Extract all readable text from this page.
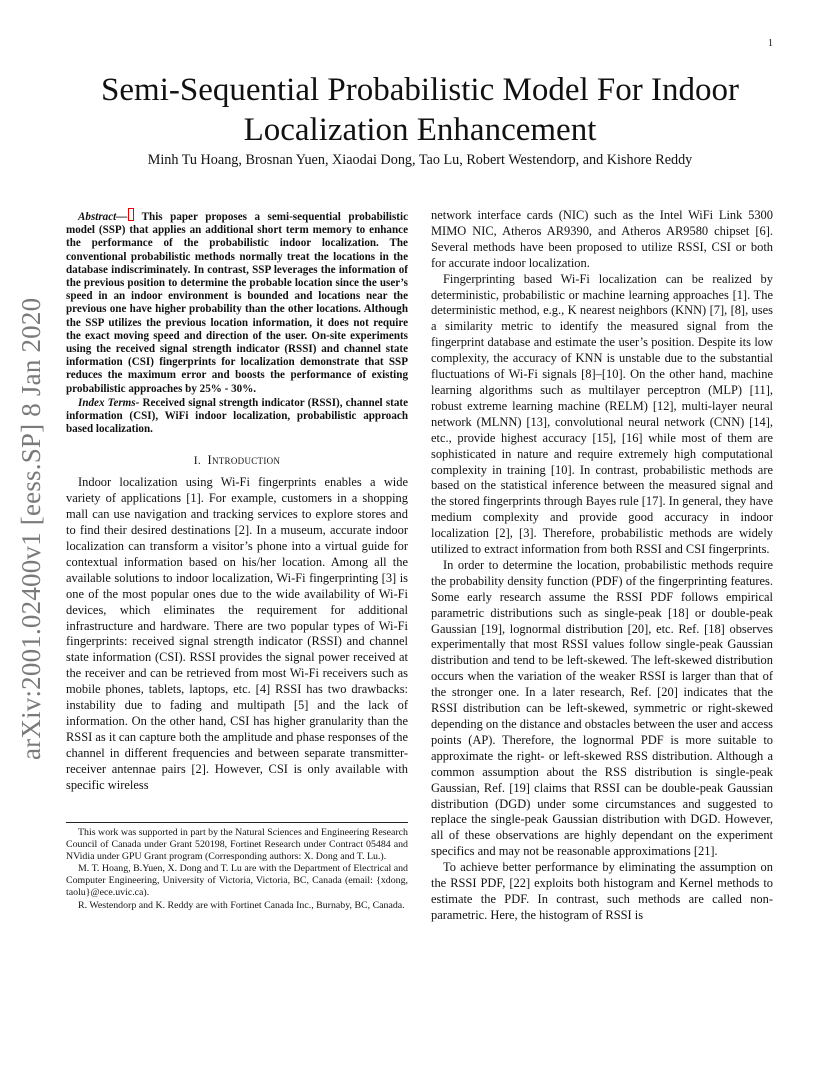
1
arXiv:2001.02400v1 [eess.SP] 8 Jan 2020
Semi-Sequential Probabilistic Model For Indoor Localization Enhancement
Minh Tu Hoang, Brosnan Yuen, Xiaodai Dong, Tao Lu, Robert Westendorp, and Kishore Reddy
Abstract— This paper proposes a semi-sequential probabilistic model (SSP) that applies an additional short term memory to enhance the performance of the probabilistic indoor localization. The conventional probabilistic methods normally treat the locations in the database indiscriminately. In contrast, SSP leverages the information of the previous position to determine the probable location since the user’s speed in an indoor environment is bounded and locations near the previous one have higher probability than the other locations. Although the SSP utilizes the previous location information, it does not require the exact moving speed and direction of the user. On-site experiments using the received signal strength indicator (RSSI) and channel state information (CSI) fingerprints for localization demonstrate that SSP reduces the maximum error and boosts the performance of existing probabilistic approaches by 25% - 30%.
Index Terms- Received signal strength indicator (RSSI), channel state information (CSI), WiFi indoor localization, probabilistic approach based localization.
I. Introduction

Indoor localization using Wi-Fi fingerprints enables a wide variety of applications [1]. For example, customers in a shopping mall can use navigation and tracking services to explore stores and to find their desired destinations [2]. In a museum, accurate indoor localization can transform a visitor’s phone into a virtual guide for contextual information based on his/her location. Among all the available solutions to indoor localization, Wi-Fi fingerprinting [3] is one of the most popular ones due to the wide availability of Wi-Fi devices, which eliminates the requirement for additional infrastructure and hardware. There are two popular types of Wi-Fi fingerprints: received signal strength indicator (RSSI) and channel state information (CSI). RSSI provides the signal power received at the receiver and can be retrieved from most Wi-Fi receivers such as mobile phones, tablets, laptops, etc. [4] RSSI has two drawbacks: instability due to fading and multipath [5] and the lack of information. On the other hand, CSI has higher granularity than the RSSI as it can capture both the amplitude and phase responses of the channel in different frequencies and between separate transmitter-receiver antennae pairs [2]. However, CSI is only available with specific wireless

This work was supported in part by the Natural Sciences and Engineering Research Council of Canada under Grant 520198, Fortinet Research under Contract 05484 and NVidia under GPU Grant program (Corresponding authors: X. Dong and T. Lu.).

M. T. Hoang, B.Yuen, X. Dong and T. Lu are with the Department of Electrical and Computer Engineering, University of Victoria, Victoria, BC, Canada (email: {xdong, taolu}@ece.uvic.ca).

R. Westendorp and K. Reddy are with Fortinet Canada Inc., Burnaby, BC, Canada.

network interface cards (NIC) such as the Intel WiFi Link 5300 MIMO NIC, Atheros AR9390, and Atheros AR9580 chipset [6]. Several methods have been proposed to utilize RSSI, CSI or both for accurate indoor localization.

Fingerprinting based Wi-Fi localization can be realized by deterministic, probabilistic or machine learning approaches [1]. The deterministic method, e.g., K nearest neighbors (KNN) [7], [8], uses a similarity metric to identify the measured signal from the fingerprint database and estimate the user’s position. Despite its low complexity, the accuracy of KNN is unstable due to the substantial fluctuations of Wi-Fi signals [8]–[10]. On the other hand, machine learning algorithms such as multilayer perceptron (MLP) [11], robust extreme learning machine (RELM) [12], multi-layer neural network (MLNN) [13], convolutional neural network (CNN) [14], etc., provide highest accuracy [15], [16] while most of them are sophisticated in nature and require extremely high computational complexity in training [10]. In contrast, probabilistic methods are based on the statistical inference between the measured signal and the stored fingerprints through Bayes rule [17]. In general, they have medium complexity and provide good accuracy in indoor localization [2], [3]. Therefore, probabilistic methods are widely utilized to extract information from both RSSI and CSI fingerprints.

In order to determine the location, probabilistic methods require the probability density function (PDF) of the fingerprinting features. Some early research assume the RSSI PDF follows empirical parametric distributions such as single-peak [18] or double-peak Gaussian [19], lognormal distribution [20], etc. Ref. [18] observes experimentally that most RSSI values follow single-peak Gaussian distribution and tend to be left-skewed. The left-skewed distribution occurs when the variation of the weaker RSSI is larger than that of the stronger one. In a later research, Ref. [20] indicates that the RSSI distribution can be left-skewed, symmetric or right-skewed depending on the distance and obstacles between the user and access points (AP). Therefore, the lognormal PDF is more suitable to approximate the right- or left-skewed RSS distribution. Although a common assumption about the RSS distribution is single-peak Gaussian, Ref. [19] claims that RSSI can be double-peak Gaussian distribution (DGD) under some circumstances and suggested to replace the single-peak Gaussian distribution with DGD. However, all of these observations are highly dependant on the experiment specifics and may not be reasonable approximations [21].

To achieve better performance by eliminating the assumption on the RSSI PDF, [22] exploits both histogram and Kernel methods to estimate the PDF. In contrast, such methods are called non-parametric. Here, the histogram of RSSI is
